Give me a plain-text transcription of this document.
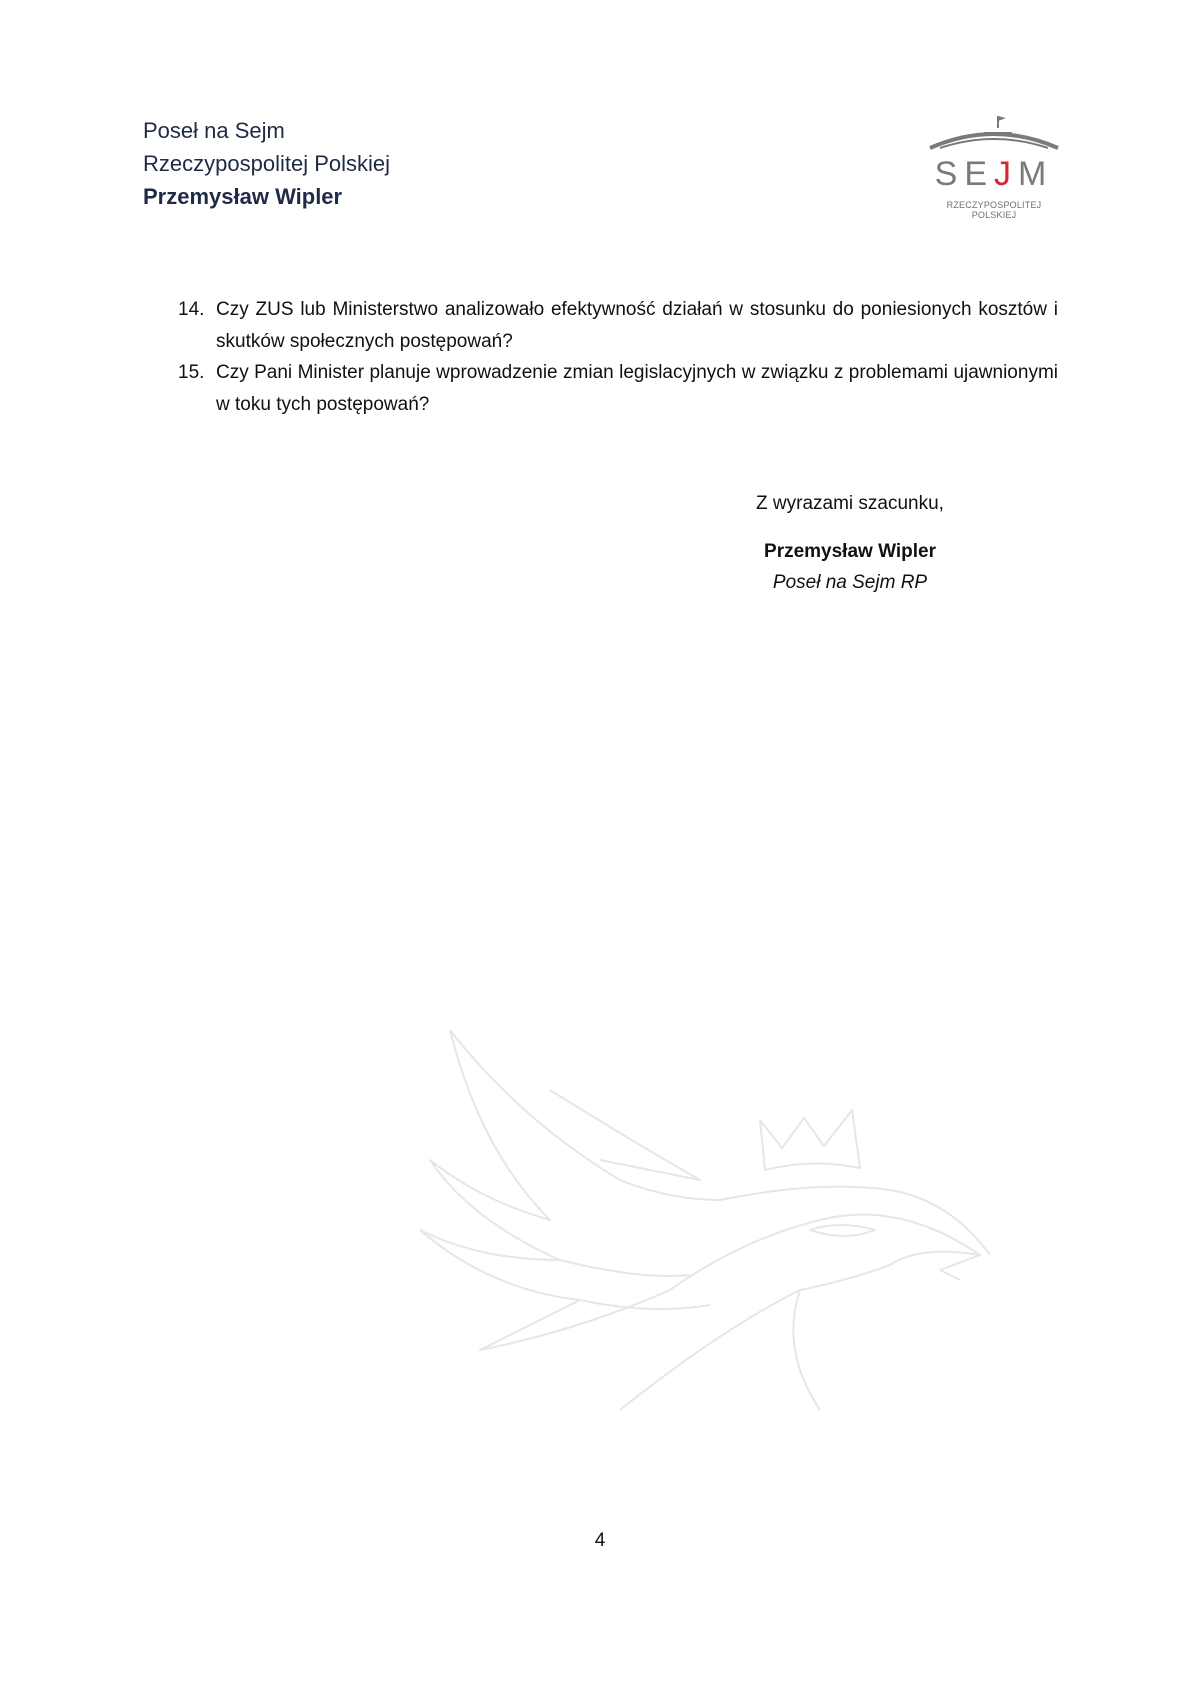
Poseł na Sejm
Rzeczypospolitej Polskiej
Przemysław Wipler
SEJM
RZECZYPOSPOLITEJ POLSKIEJ
14. Czy ZUS lub Ministerstwo analizowało efektywność działań w stosunku do poniesionych kosztów i skutków społecznych postępowań?
15. Czy Pani Minister planuje wprowadzenie zmian legislacyjnych w związku z problemami ujawnionymi w toku tych postępowań?
Z wyrazami szacunku,
Przemysław Wipler
Poseł na Sejm RP
4
